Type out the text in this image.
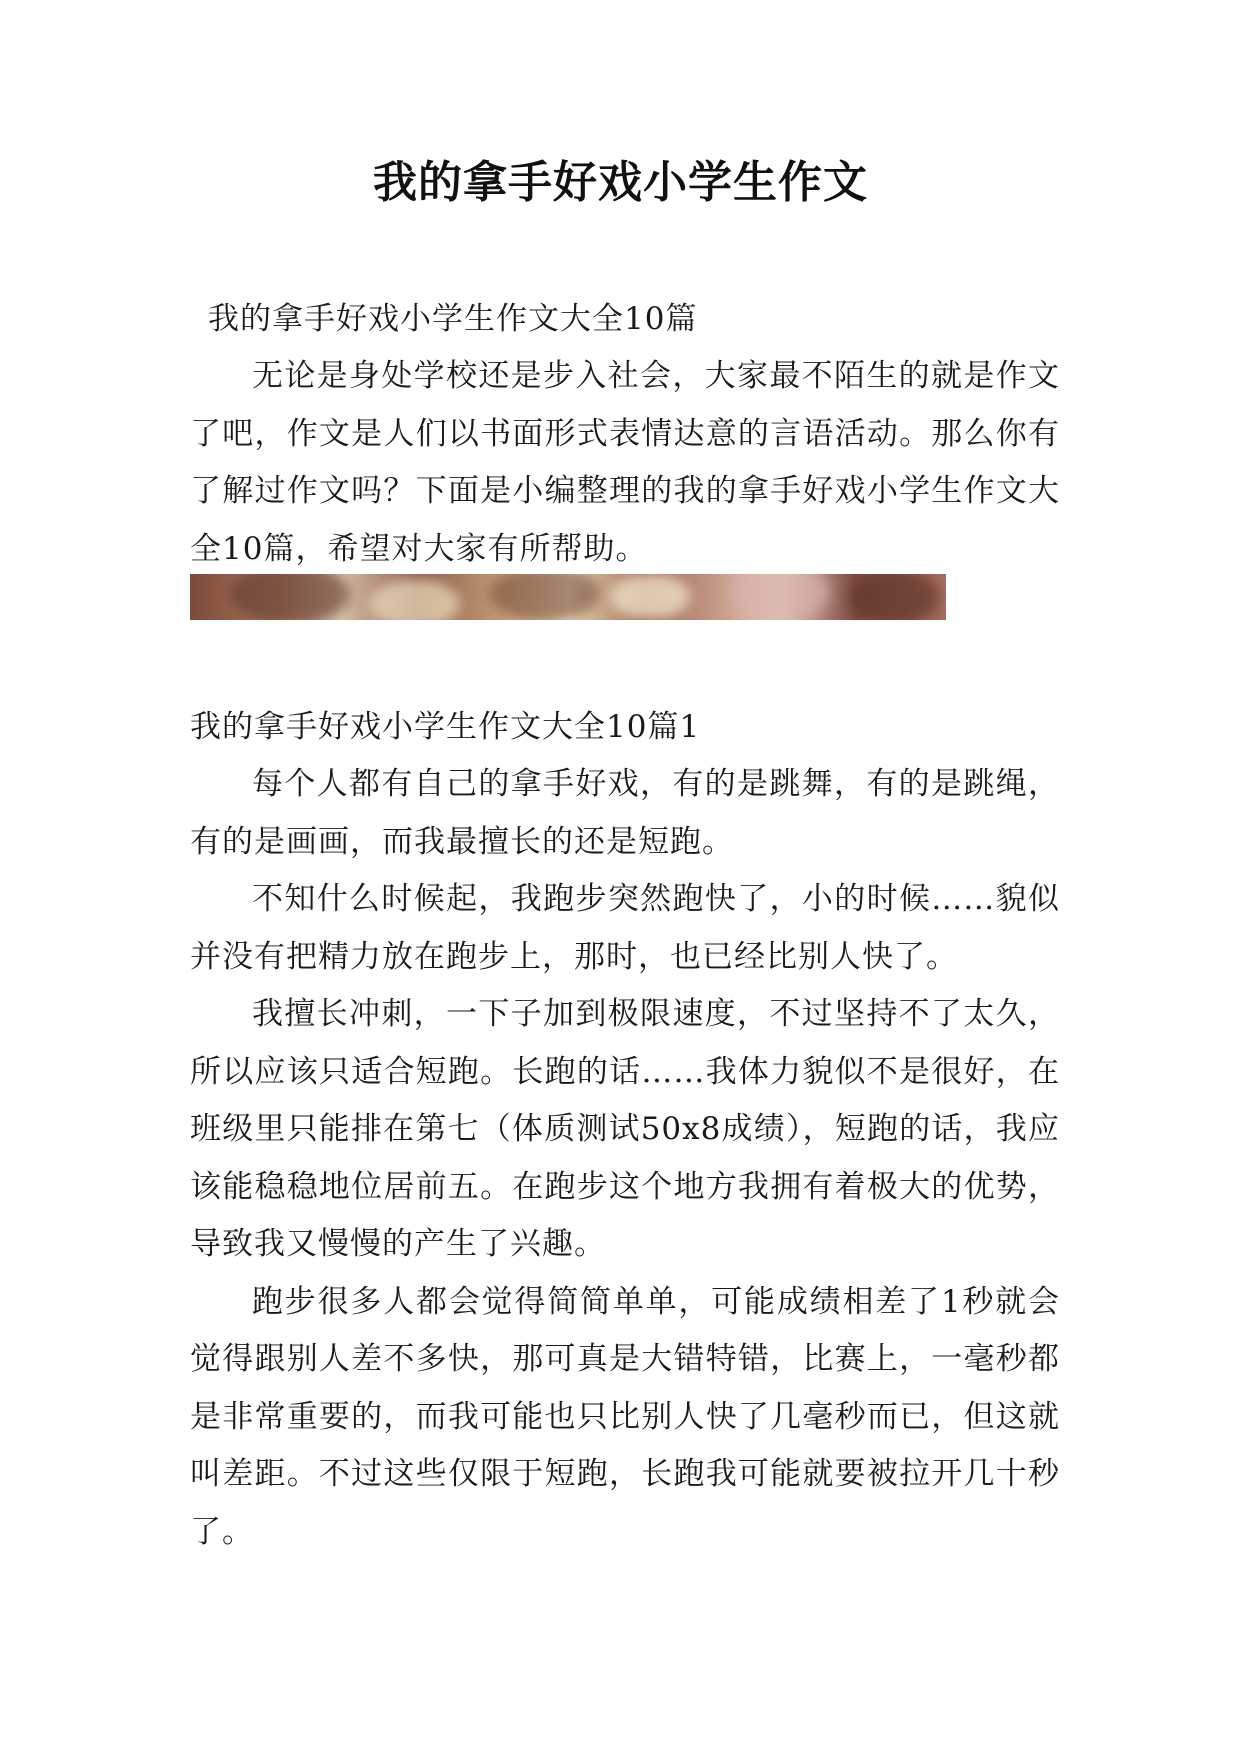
我的拿手好戏小学生作文
我的拿手好戏小学生作文大全10篇

无论是身处学校还是步入社会，大家最不陌生的就是作文了吧，作文是人们以书面形式表情达意的言语活动。那么你有了解过作文吗？下面是小编整理的我的拿手好戏小学生作文大全10篇，希望对大家有所帮助。

我的拿手好戏小学生作文大全10篇1

每个人都有自己的拿手好戏，有的是跳舞，有的是跳绳，有的是画画，而我最擅长的还是短跑。

不知什么时候起，我跑步突然跑快了，小的时候……貌似并没有把精力放在跑步上，那时，也已经比别人快了。

我擅长冲刺，一下子加到极限速度，不过坚持不了太久，所以应该只适合短跑。长跑的话……我体力貌似不是很好，在班级里只能排在第七（体质测试50x8成绩），短跑的话，我应该能稳稳地位居前五。在跑步这个地方我拥有着极大的优势，导致我又慢慢的产生了兴趣。

跑步很多人都会觉得简简单单，可能成绩相差了1秒就会觉得跟别人差不多快，那可真是大错特错，比赛上，一毫秒都是非常重要的，而我可能也只比别人快了几毫秒而已，但这就叫差距。不过这些仅限于短跑，长跑我可能就要被拉开几十秒了。
